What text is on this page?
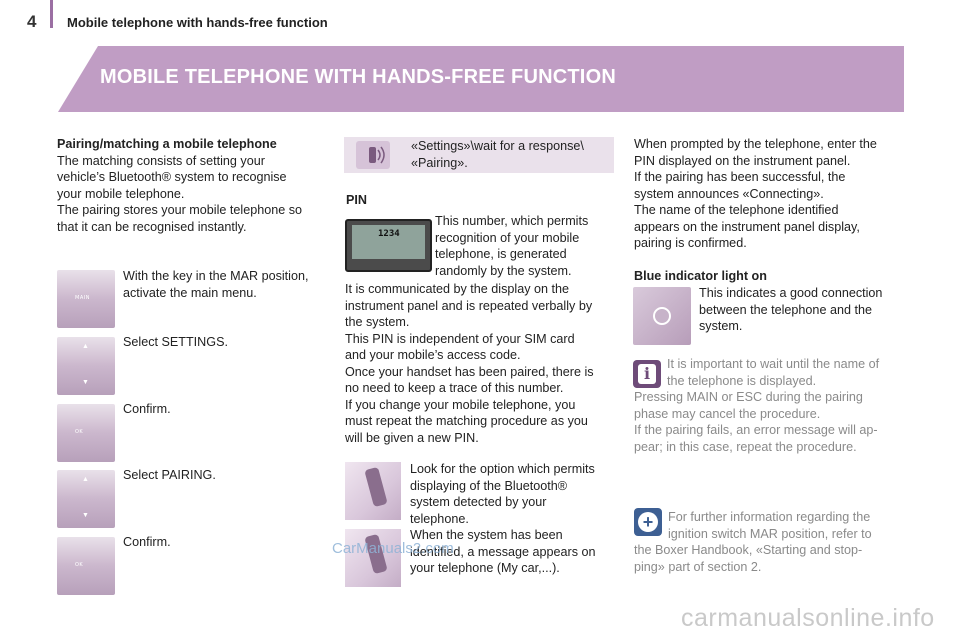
4 Mobile telephone with hands-free function
MOBILE TELEPHONE WITH HANDS-FREE FUNCTION
Pairing/matching a mobile telephone
The matching consists of setting your
vehicle’s Bluetooth® system to recognise
your mobile telephone.
The pairing stores your mobile telephone so
that it can be recognised instantly.
MAIN
With the key in the MAR position,
activate the main menu.
▲
▼
Select SETTINGS.
OK
Confirm.
▲
▼
Select PAIRING.
OK
Confirm.
«Settings»\wait for a response\
«Pairing».
PIN
1234
This number, which permits
recognition of your mobile
telephone, is generated
randomly by the system.
It is communicated by the display on the
instrument panel and is repeated verbally by
the system.
This PIN is independent of your SIM card
and your mobile’s access code.
Once your handset has been paired, there is
no need to keep a trace of this number.
If you change your mobile telephone, you
must repeat the matching procedure as you
will be given a new PIN.
Look for the option which permits
displaying of the Bluetooth®
system detected by your
telephone.
When the system has been
identified, a message appears on
your telephone (My car,...).
CarManuals2.com
When prompted by the telephone, enter the
PIN displayed on the instrument panel.
If the pairing has been successful, the
system announces «Connecting».
The name of the telephone identified
appears on the instrument panel display,
pairing is confirmed.
Blue indicator light on
This indicates a good connection
between the telephone and the
system.
i	It is important to wait until the name of
the telephone is displayed.
Pressing MAIN or ESC during the pairing
phase may cancel the procedure.
If the pairing fails, an error message will ap-
pear; in this case, repeat the procedure.
+	For further information regarding the
ignition switch MAR position, refer to
the Boxer Handbook, «Starting and stop-
ping» part of section 2.
carmanualsonline.info
